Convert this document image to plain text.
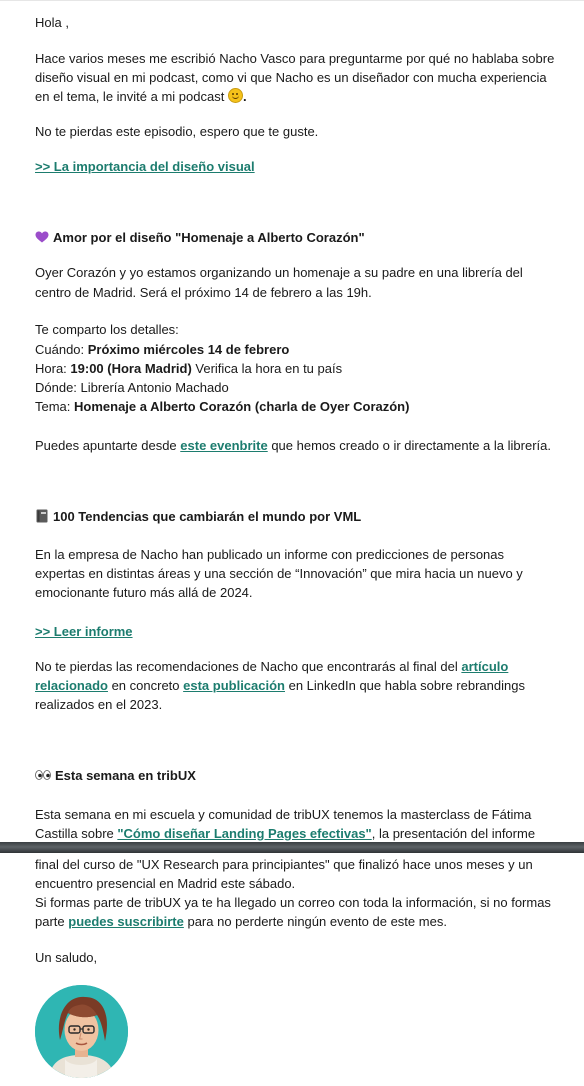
Hola ,

Hace varios meses me escribió Nacho Vasco para preguntarme por qué no hablaba sobre

diseño visual en mi podcast, como vi que Nacho es un diseñador con mucha experiencia

en el tema, le invité a mi podcast .

No te pierdas este episodio, espero que te guste.

>> La importancia del diseño visual

Amor por el diseño "Homenaje a Alberto Corazón"

Oyer Corazón y yo estamos organizando un homenaje a su padre en una librería del

centro de Madrid. Será el próximo 14 de febrero a las 19h.

Te comparto los detalles:

Cuándo: Próximo miércoles 14 de febrero

Hora: 19:00 (Hora Madrid) Verifica la hora en tu país

Dónde: Librería Antonio Machado

Tema: Homenaje a Alberto Corazón (charla de Oyer Corazón)

Puedes apuntarte desde este evenbrite que hemos creado o ir directamente a la librería.

100 Tendencias que cambiarán el mundo por VML

En la empresa de Nacho han publicado un informe con predicciones de personas

expertas en distintas áreas y una sección de “Innovación” que mira hacia un nuevo y

emocionante futuro más allá de 2024.

>> Leer informe

No te pierdas las recomendaciones de Nacho que encontrarás al final del artículo

relacionado en concreto esta publicación en LinkedIn que habla sobre rebrandings

realizados en el 2023.

Esta semana en tribUX

Esta semana en mi escuela y comunidad de tribUX tenemos la masterclass de Fátima

Castilla sobre "Cómo diseñar Landing Pages efectivas", la presentación del informe

final del curso de "UX Research para principiantes" que finalizó hace unos meses y un

encuentro presencial en Madrid este sábado.

Si formas parte de tribUX ya te ha llegado un correo con toda la información, si no formas

parte puedes suscribirte para no perderte ningún evento de este mes.

Un saludo,
